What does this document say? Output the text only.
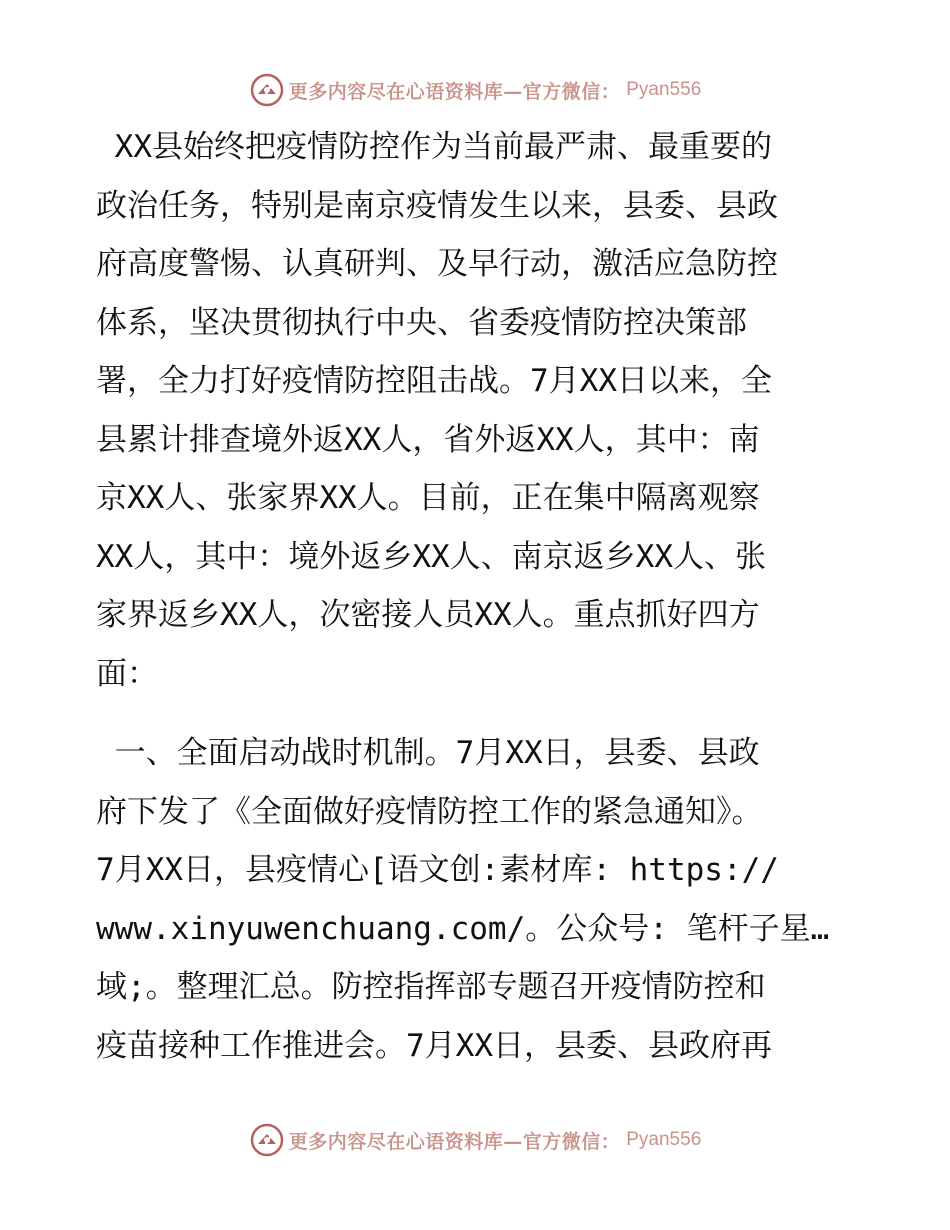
更多内容尽在心语资料库—官方微信： Pyan556

XX县始终把疫情防控作为当前最严肃、最重要的
政治任务，特别是南京疫情发生以来，县委、县政
府高度警惕、认真研判、及早行动，激活应急防控
体系，坚决贯彻执行中央、省委疫情防控决策部
署，全力打好疫情防控阻击战。7月XX日以来，全
县累计排查境外返XX人，省外返XX人，其中：南
京XX人、张家界XX人。目前，正在集中隔离观察
XX人，其中：境外返乡XX人、南京返乡XX人、张
家界返乡XX人，次密接人员XX人。重点抓好四方
面：

一、全面启动战时机制。7月XX日，县委、县政
府下发了《全面做好疫情防控工作的紧急通知》。
7月XX日，县疫情心[语文创:素材库: https://
www.xinyuwenchuang.com/。公众号: 笔杆子星…
域;。整理汇总。防控指挥部专题召开疫情防控和
疫苗接种工作推进会。7月XX日，县委、县政府再

更多内容尽在心语资料库—官方微信： Pyan556
